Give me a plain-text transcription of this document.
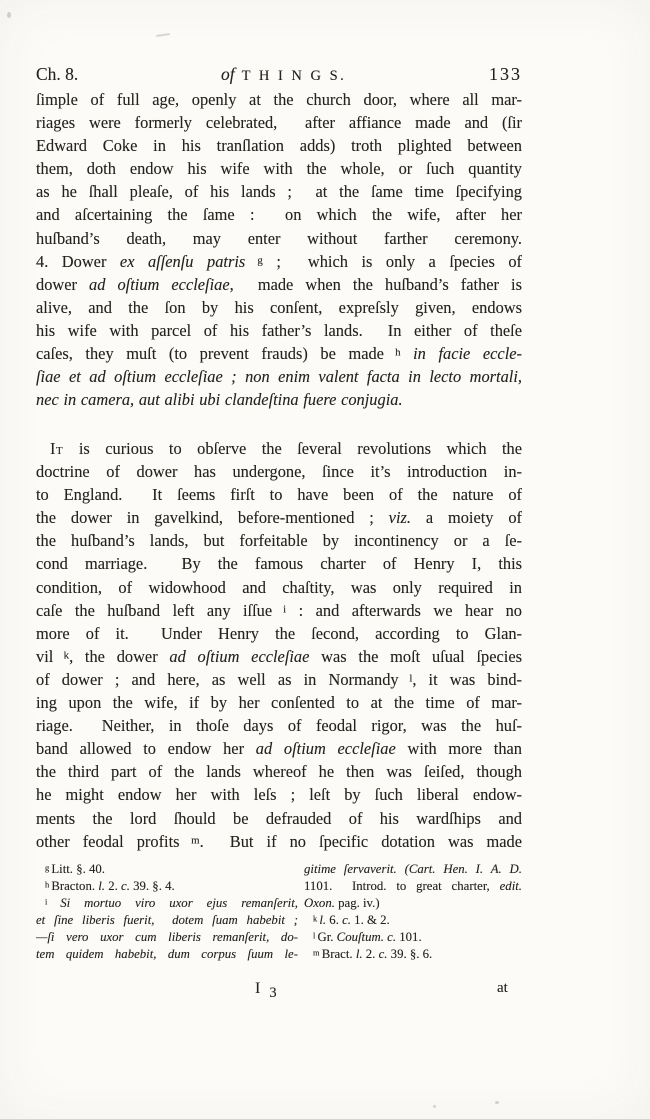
Ch. 8.	of T H I N G S.	133
ſimple of full age, openly at the church door, where all mar-
riages were formerly celebrated,  after affiance made and (ſir
Edward Coke in his tranſlation adds) troth plighted between
them, doth endow his wife with the whole, or ſuch quantity
as he ſhall pleaſe, of his lands ;  at the ſame time ſpecifying
and aſcertaining the ſame :  on which the wife, after her
huſband’s death, may enter without farther ceremony.
4. Dower ex aſſenſu patris $^g$ ;  which is only a ſpecies of
dower ad oſtium eccleſiae,  made when the huſband’s father is
alive, and the ſon by his conſent, expreſsly given, endows
his wife with parcel of his father’s lands.  In either of theſe
caſes, they muſt (to prevent frauds) be made $^h$ in facie eccle-
ſiae et ad oſtium eccleſiae ; non enim valent facta in lecto mortali,
nec in camera, aut alibi ubi clandeſtina fuere conjugia.
It is curious to obſerve the ſeveral revolutions which the
doctrine of dower has undergone, ſince it’s introduction in-
to England.  It ſeems firſt to have been of the nature of
the dower in gavelkind, before-mentioned ; viz. a moiety of
the huſband’s lands, but forfeitable by incontinency or a ſe-
cond marriage.  By the famous charter of Henry I, this
condition, of widowhood and chaſtity, was only required in
caſe the huſband left any iſſue $^i$ : and afterwards we hear no
more of it.  Under Henry the ſecond, according to Glan-
vil $^k$, the dower ad oſtium eccleſiae was the moſt uſual ſpecies
of dower ; and here, as well as in Normandy $^l$, it was bind-
ing upon the wife, if by her conſented to at the time of mar-
riage.  Neither, in thoſe days of feodal rigor, was the huſ-
band allowed to endow her ad oſtium eccleſiae with more than
the third part of the lands whereof he then was ſeiſed, though
he might endow her with leſs ; leſt by ſuch liberal endow-
ments the lord ſhould be defrauded of his wardſhips and
other feodal profits $^m$.  But if no ſpecific dotation was made
$^g$ Litt. §. 40.
$^h$ Bracton. l. 2. c. 39. §. 4.
$^i$ Si mortuo viro uxor ejus remanſerit,
et ſine liberis fuerit,  dotem ſuam habebit ;
—ſi vero uxor cum liberis remanſerit, do-
tem quidem habebit, dum corpus ſuum le-
gitime ſervaverit. (Cart. Hen. I. A. D.
1101.  Introd. to great charter, edit.
Oxon. pag. iv.)
$^k$ l. 6. c. 1. & 2.
$^l$ Gr. Couſtum. c. 101.
$^m$ Bract. l. 2. c. 39. §. 6.
I 3	at
